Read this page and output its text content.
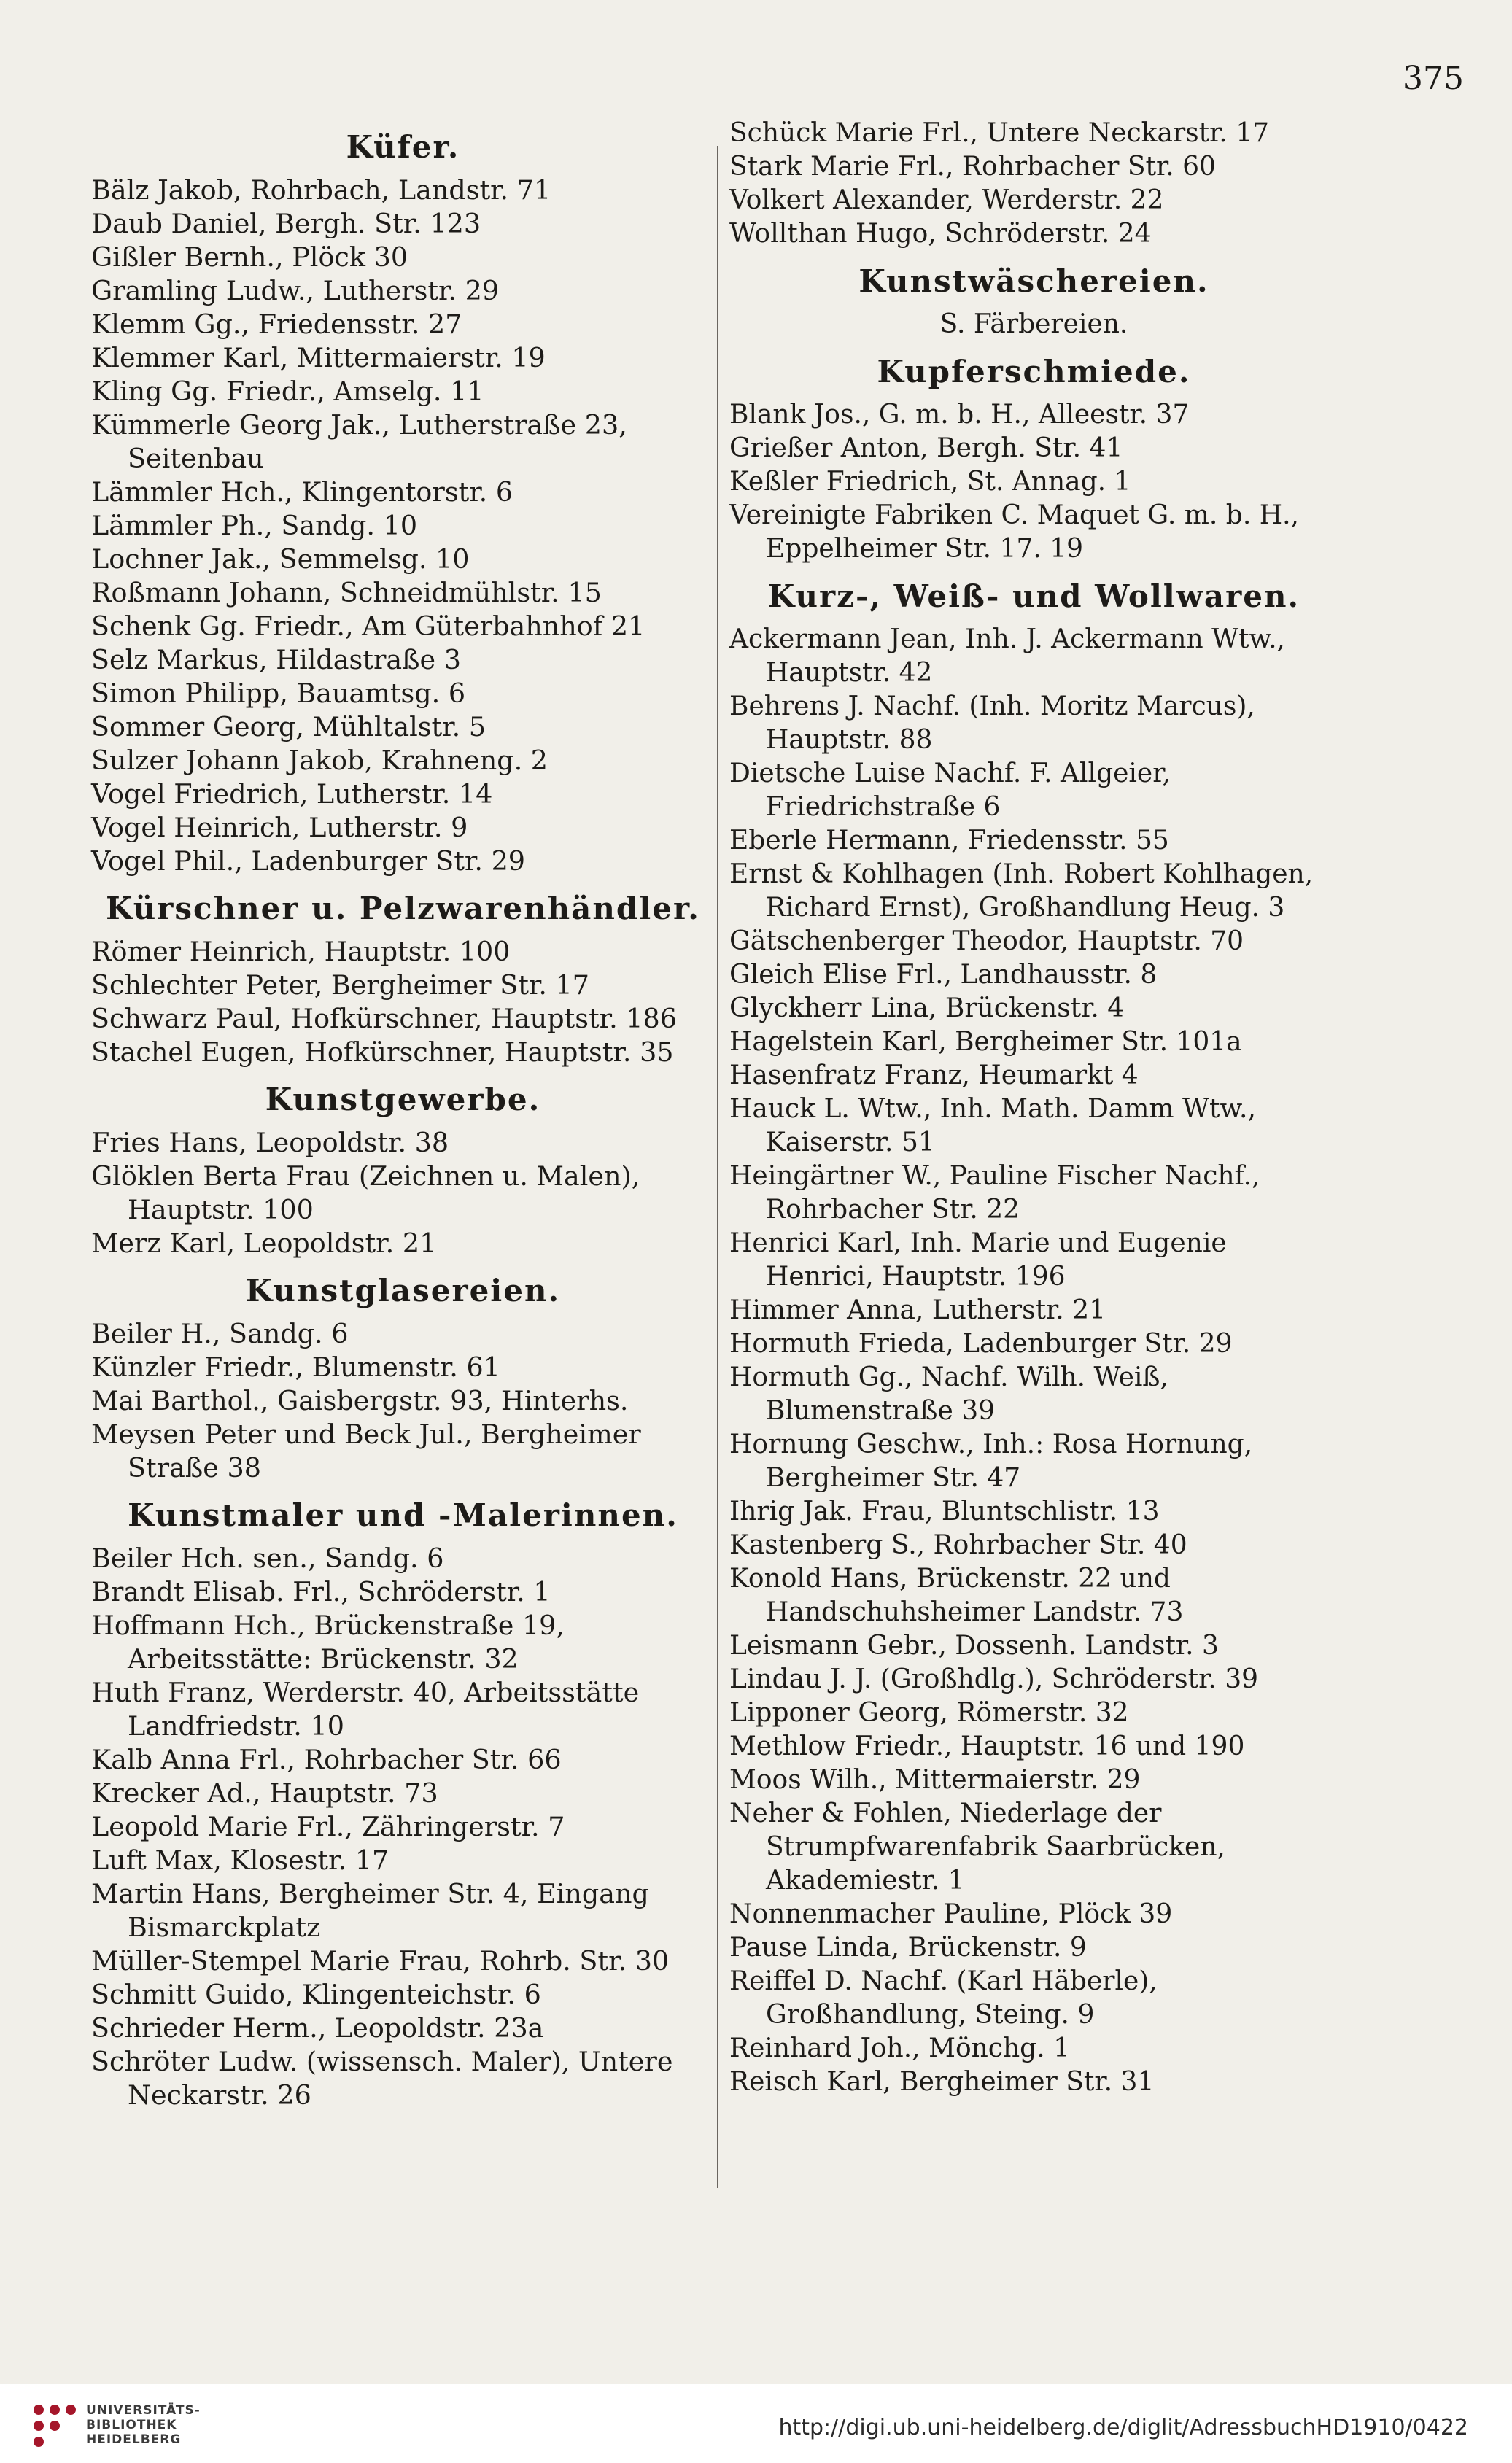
375
Küfer.
Bälz Jakob, Rohrbach, Landstr. 71
Daub Daniel, Bergh. Str. 123
Gißler Bernh., Plöck 30
Gramling Ludw., Lutherstr. 29
Klemm Gg., Friedensstr. 27
Klemmer Karl, Mittermaierstr. 19
Kling Gg. Friedr., Amselg. 11
Kümmerle Georg Jak., Lutherstraße 23, Seitenbau
Lämmler Hch., Klingentorstr. 6
Lämmler Ph., Sandg. 10
Lochner Jak., Semmelsg. 10
Roßmann Johann, Schneidmühlstr. 15
Schenk Gg. Friedr., Am Güterbahnhof 21
Selz Markus, Hildastraße 3
Simon Philipp, Bauamtsg. 6
Sommer Georg, Mühltalstr. 5
Sulzer Johann Jakob, Krahneng. 2
Vogel Friedrich, Lutherstr. 14
Vogel Heinrich, Lutherstr. 9
Vogel Phil., Ladenburger Str. 29
Kürschner u. Pelzwarenhändler.
Römer Heinrich, Hauptstr. 100
Schlechter Peter, Bergheimer Str. 17
Schwarz Paul, Hofkürschner, Hauptstr. 186
Stachel Eugen, Hofkürschner, Hauptstr. 35
Kunstgewerbe.
Fries Hans, Leopoldstr. 38
Glöklen Berta Frau (Zeichnen u. Malen), Hauptstr. 100
Merz Karl, Leopoldstr. 21
Kunstglasereien.
Beiler H., Sandg. 6
Künzler Friedr., Blumenstr. 61
Mai Barthol., Gaisbergstr. 93, Hinterhs.
Meysen Peter und Beck Jul., Bergheimer Straße 38
Kunstmaler und -Malerinnen.
Beiler Hch. sen., Sandg. 6
Brandt Elisab. Frl., Schröderstr. 1
Hoffmann Hch., Brückenstraße 19, Arbeitsstätte: Brückenstr. 32
Huth Franz, Werderstr. 40, Arbeitsstätte Landfriedstr. 10
Kalb Anna Frl., Rohrbacher Str. 66
Krecker Ad., Hauptstr. 73
Leopold Marie Frl., Zähringerstr. 7
Luft Max, Klosestr. 17
Martin Hans, Bergheimer Str. 4, Eingang Bismarckplatz
Müller-Stempel Marie Frau, Rohrb. Str. 30
Schmitt Guido, Klingenteichstr. 6
Schrieder Herm., Leopoldstr. 23a
Schröter Ludw. (wissensch. Maler), Untere Neckarstr. 26
Schück Marie Frl., Untere Neckarstr. 17
Stark Marie Frl., Rohrbacher Str. 60
Volkert Alexander, Werderstr. 22
Wollthan Hugo, Schröderstr. 24
Kunstwäschereien.
S. Färbereien.
Kupferschmiede.
Blank Jos., G. m. b. H., Alleestr. 37
Grießer Anton, Bergh. Str. 41
Keßler Friedrich, St. Annag. 1
Vereinigte Fabriken C. Maquet G. m. b. H., Eppelheimer Str. 17. 19
Kurz-, Weiß- und Wollwaren.
Ackermann Jean, Inh. J. Ackermann Wtw., Hauptstr. 42
Behrens J. Nachf. (Inh. Moritz Marcus), Hauptstr. 88
Dietsche Luise Nachf. F. Allgeier, Friedrichstraße 6
Eberle Hermann, Friedensstr. 55
Ernst & Kohlhagen (Inh. Robert Kohlhagen, Richard Ernst), Großhandlung Heug. 3
Gätschenberger Theodor, Hauptstr. 70
Gleich Elise Frl., Landhausstr. 8
Glyckherr Lina, Brückenstr. 4
Hagelstein Karl, Bergheimer Str. 101a
Hasenfratz Franz, Heumarkt 4
Hauck L. Wtw., Inh. Math. Damm Wtw., Kaiserstr. 51
Heingärtner W., Pauline Fischer Nachf., Rohrbacher Str. 22
Henrici Karl, Inh. Marie und Eugenie Henrici, Hauptstr. 196
Himmer Anna, Lutherstr. 21
Hormuth Frieda, Ladenburger Str. 29
Hormuth Gg., Nachf. Wilh. Weiß, Blumenstraße 39
Hornung Geschw., Inh.: Rosa Hornung, Bergheimer Str. 47
Ihrig Jak. Frau, Bluntschlistr. 13
Kastenberg S., Rohrbacher Str. 40
Konold Hans, Brückenstr. 22 und Handschuhsheimer Landstr. 73
Leismann Gebr., Dossenh. Landstr. 3
Lindau J. J. (Großhdlg.), Schröderstr. 39
Lipponer Georg, Römerstr. 32
Methlow Friedr., Hauptstr. 16 und 190
Moos Wilh., Mittermaierstr. 29
Neher & Fohlen, Niederlage der Strumpfwarenfabrik Saarbrücken, Akademiestr. 1
Nonnenmacher Pauline, Plöck 39
Pause Linda, Brückenstr. 9
Reiffel D. Nachf. (Karl Häberle), Großhandlung, Steing. 9
Reinhard Joh., Mönchg. 1
Reisch Karl, Bergheimer Str. 31
UNIVERSITÄTS-
BIBLIOTHEK
HEIDELBERG	http://digi.ub.uni-heidelberg.de/diglit/AdressbuchHD1910/0422
